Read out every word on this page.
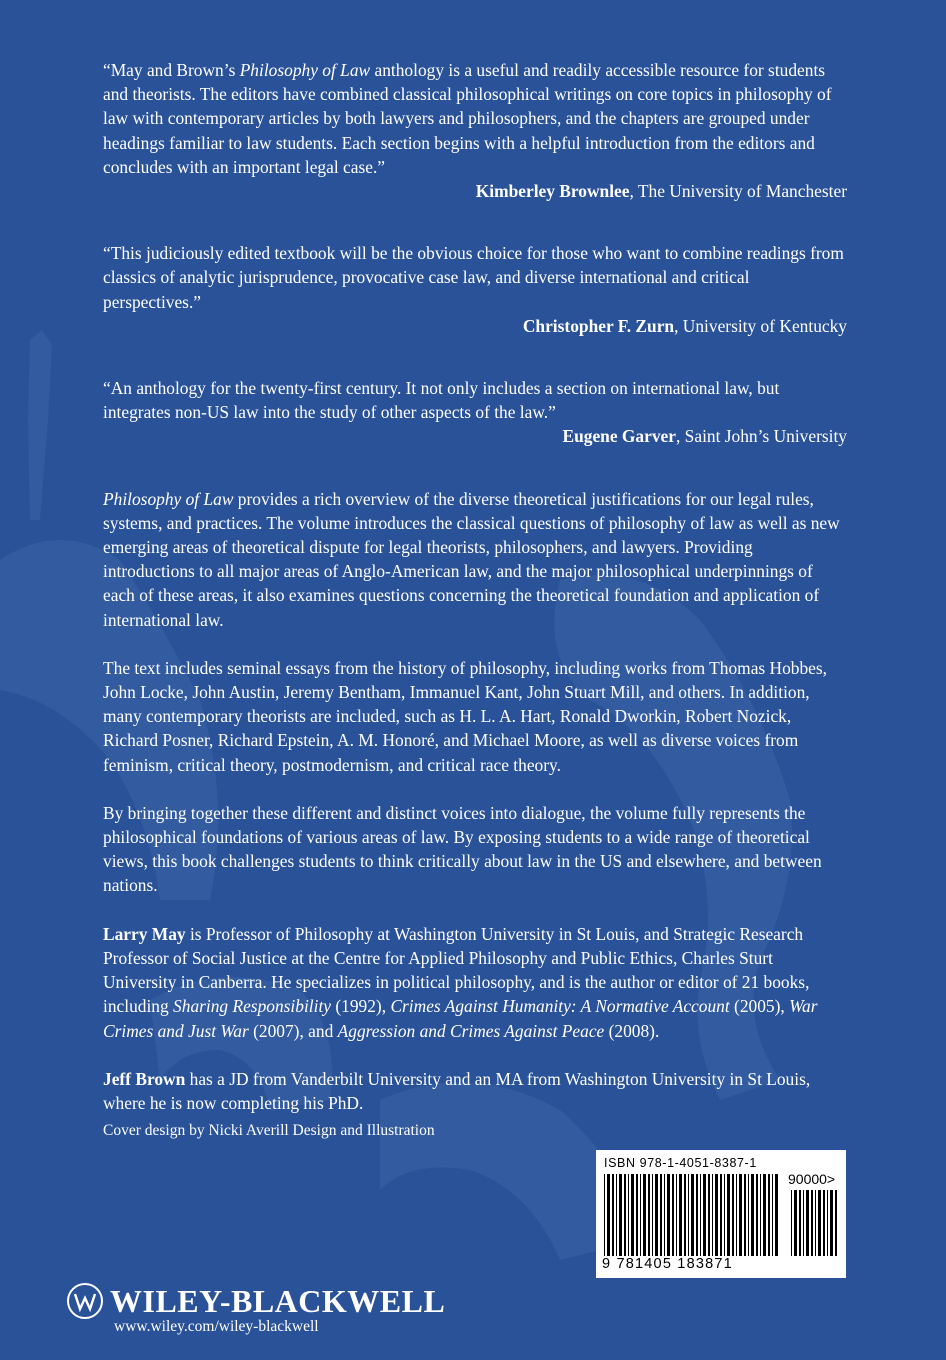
“May and Brown’s Philosophy of Law anthology is a useful and readily accessible resource for students and theorists. The editors have combined classical philosophical writings on core topics in philosophy of law with contemporary articles by both lawyers and philosophers, and the chapters are grouped under headings familiar to law students. Each section begins with a helpful introduction from the editors and concludes with an important legal case.”

Kimberley Brownlee, The University of Manchester

“This judiciously edited textbook will be the obvious choice for those who want to combine readings from classics of analytic jurisprudence, provocative case law, and diverse international and critical perspectives.”

Christopher F. Zurn, University of Kentucky

“An anthology for the twenty-first century. It not only includes a section on international law, but integrates non-US law into the study of other aspects of the law.”

Eugene Garver, Saint John’s University

Philosophy of Law provides a rich overview of the diverse theoretical justifications for our legal rules, systems, and practices. The volume introduces the classical questions of philosophy of law as well as new emerging areas of theoretical dispute for legal theorists, philosophers, and lawyers. Providing introductions to all major areas of Anglo-American law, and the major philosophical underpinnings of each of these areas, it also examines questions concerning the theoretical foundation and application of international law.

The text includes seminal essays from the history of philosophy, including works from Thomas Hobbes, John Locke, John Austin, Jeremy Bentham, Immanuel Kant, John Stuart Mill, and others. In addition, many contemporary theorists are included, such as H. L. A. Hart, Ronald Dworkin, Robert Nozick, Richard Posner, Richard Epstein, A. M. Honoré, and Michael Moore, as well as diverse voices from feminism, critical theory, postmodernism, and critical race theory.

By bringing together these different and distinct voices into dialogue, the volume fully represents the philosophical foundations of various areas of law. By exposing students to a wide range of theoretical views, this book challenges students to think critically about law in the US and elsewhere, and between nations.

Larry May is Professor of Philosophy at Washington University in St Louis, and Strategic Research Professor of Social Justice at the Centre for Applied Philosophy and Public Ethics, Charles Sturt University in Canberra. He specializes in political philosophy, and is the author or editor of 21 books, including Sharing Responsibility (1992), Crimes Against Humanity: A Normative Account (2005), War Crimes and Just War (2007), and Aggression and Crimes Against Peace (2008).

Jeff Brown has a JD from Vanderbilt University and an MA from Washington University in St Louis, where he is now completing his PhD.

Cover design by Nicki Averill Design and Illustration
ISBN 978-1-4051-8387-1
90000>
9 781405 183871
WILEY-BLACKWELL
www.wiley.com/wiley-blackwell
